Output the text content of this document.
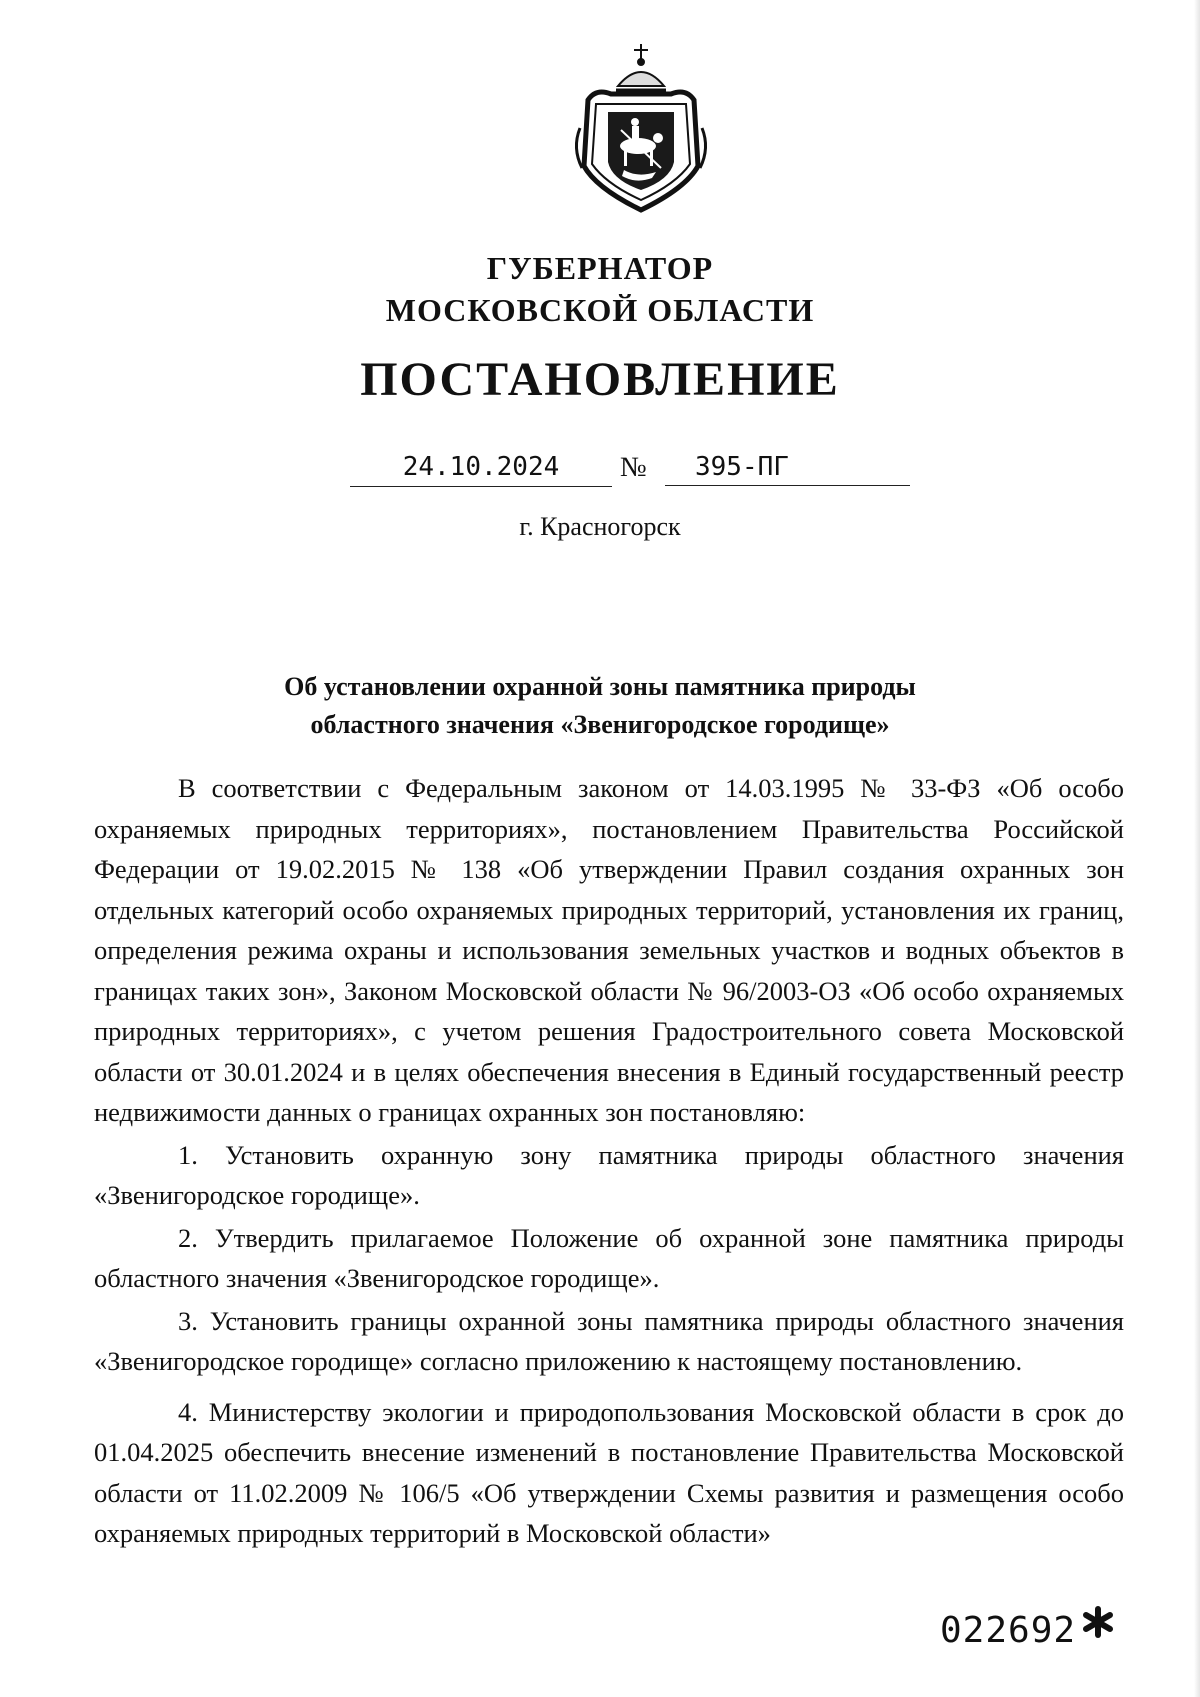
ГУБЕРНАТОР
МОСКОВСКОЙ ОБЛАСТИ
ПОСТАНОВЛЕНИЕ
24.10.2024	№	395-ПГ
г. Красногорск
Об установлении охранной зоны памятника природы
областного значения «Звенигородское городище»

В соответствии с Федеральным законом от 14.03.1995 № 33-ФЗ «Об особо охраняемых природных территориях», постановлением Правительства Российской Федерации от 19.02.2015 № 138 «Об утверждении Правил создания охранных зон отдельных категорий особо охраняемых природных территорий, установления их границ, определения режима охраны и использования земельных участков и водных объектов в границах таких зон», Законом Московской области № 96/2003-ОЗ «Об особо охраняемых природных территориях», с учетом решения Градостроительного совета Московской области от 30.01.2024 и в целях обеспечения внесения в Единый государственный реестр недвижимости данных о границах охранных зон постановляю:

1. Установить охранную зону памятника природы областного значения «Звенигородское городище».

2. Утвердить прилагаемое Положение об охранной зоне памятника природы областного значения «Звенигородское городище».

3. Установить границы охранной зоны памятника природы областного значения «Звенигородское городище» согласно приложению к настоящему постановлению.

4. Министерству экологии и природопользования Московской области в срок до 01.04.2025 обеспечить внесение изменений в постановление Правительства Московской области от 11.02.2009 № 106/5 «Об утверждении Схемы развития и размещения особо охраняемых природных территорий в Московской области»

022692
